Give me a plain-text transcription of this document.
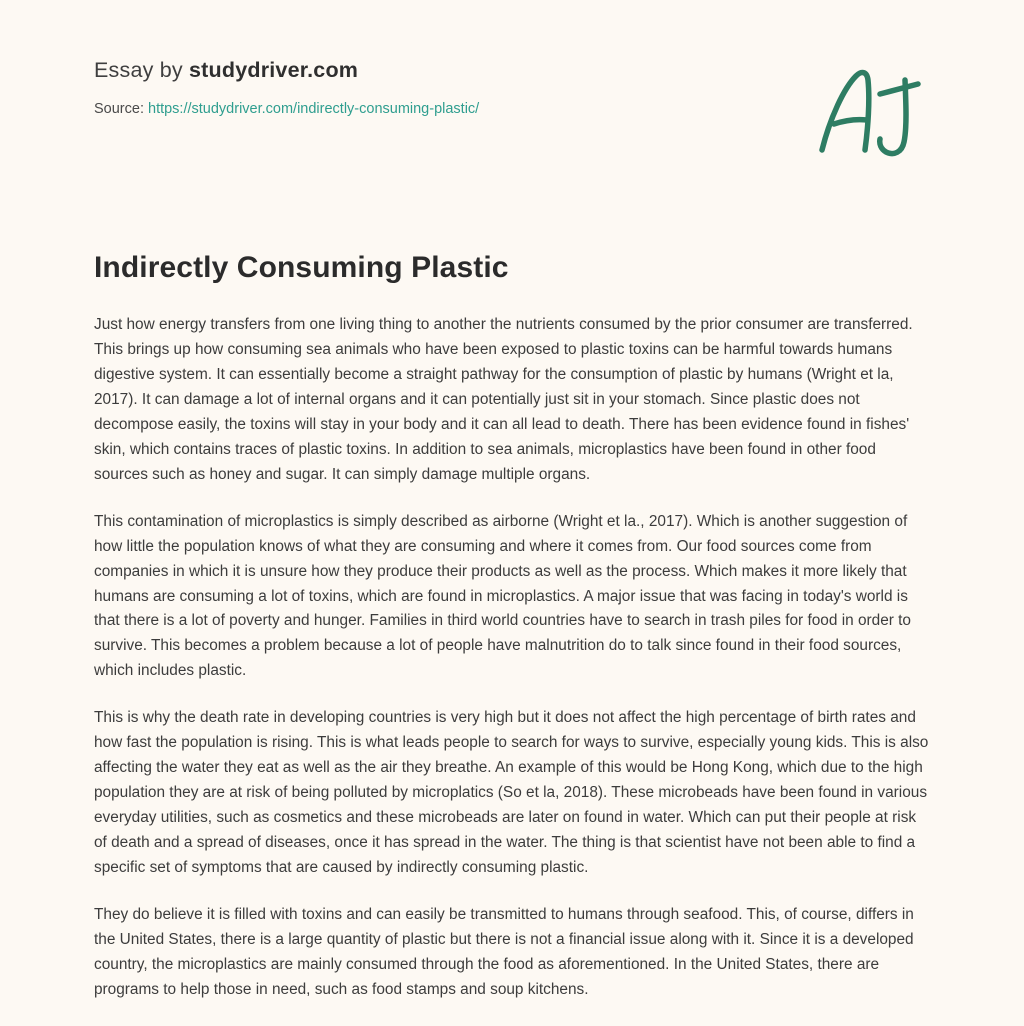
Essay by studydriver.com
Source: https://studydriver.com/indirectly-consuming-plastic/
Indirectly Consuming Plastic

Just how energy transfers from one living thing to another the nutrients consumed by the prior consumer are transferred. This brings up how consuming sea animals who have been exposed to plastic toxins can be harmful towards humans digestive system. It can essentially become a straight pathway for the consumption of plastic by humans (Wright et la, 2017). It can damage a lot of internal organs and it can potentially just sit in your stomach. Since plastic does not decompose easily, the toxins will stay in your body and it can all lead to death. There has been evidence found in fishes' skin, which contains traces of plastic toxins. In addition to sea animals, microplastics have been found in other food sources such as honey and sugar. It can simply damage multiple organs.

This contamination of microplastics is simply described as airborne (Wright et la., 2017). Which is another suggestion of how little the population knows of what they are consuming and where it comes from. Our food sources come from companies in which it is unsure how they produce their products as well as the process. Which makes it more likely that humans are consuming a lot of toxins, which are found in microplastics. A major issue that was facing in today's world is that there is a lot of poverty and hunger. Families in third world countries have to search in trash piles for food in order to survive. This becomes a problem because a lot of people have malnutrition do to talk since found in their food sources, which includes plastic.

This is why the death rate in developing countries is very high but it does not affect the high percentage of birth rates and how fast the population is rising. This is what leads people to search for ways to survive, especially young kids. This is also affecting the water they eat as well as the air they breathe. An example of this would be Hong Kong, which due to the high population they are at risk of being polluted by microplatics (So et la, 2018). These microbeads have been found in various everyday utilities, such as cosmetics and these microbeads are later on found in water. Which can put their people at risk of death and a spread of diseases, once it has spread in the water. The thing is that scientist have not been able to find a specific set of symptoms that are caused by indirectly consuming plastic.

They do believe it is filled with toxins and can easily be transmitted to humans through seafood. This, of course, differs in the United States, there is a large quantity of plastic but there is not a financial issue along with it. Since it is a developed country, the microplastics are mainly consumed through the food as aforementioned. In the United States, there are programs to help those in need, such as food stamps and soup kitchens.
